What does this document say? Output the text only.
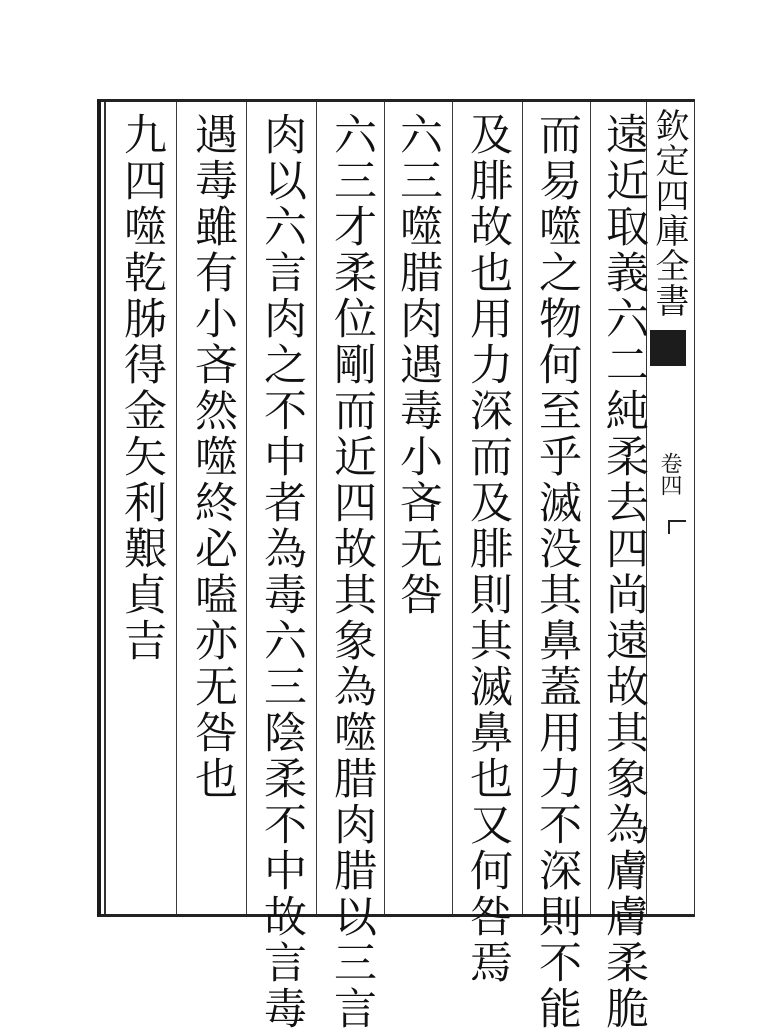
欽定四庫全書
卷四
遠近取義六二純柔去四尚遠故其象為膚膚柔脆
而易噬之物何至乎滅没其鼻蓋用力不深則不能
及腓故也用力深而及腓則其滅鼻也又何咎焉
六三噬腊肉遇毒小吝无咎
六三才柔位剛而近四故其象為噬腊肉腊以三言
肉以六言肉之不中者為毒六三陰柔不中故言毒
遇毒雖有小吝然噬終必嗑亦无咎也
九四噬乾胏得金矢利艱貞吉
